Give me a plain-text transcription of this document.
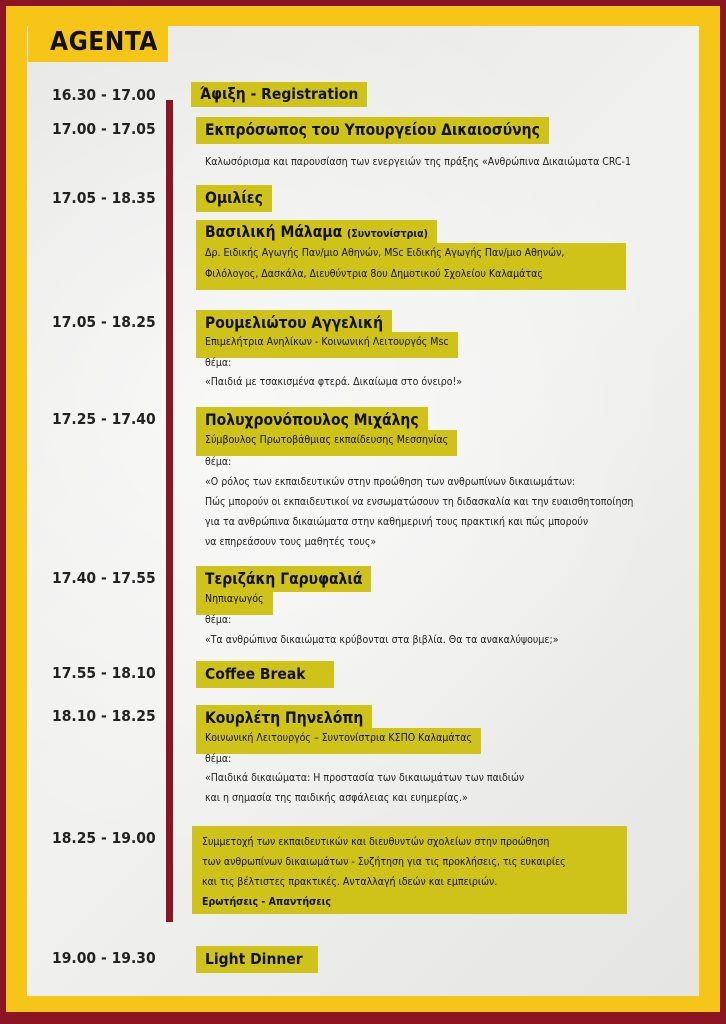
AGENTA
16.30 - 17.00	Άφιξη - Registration
17.00 - 17.05	Εκπρόσωπος του Υπουργείου Δικαιοσύνης
Καλωσόρισμα και παρουσίαση των ενεργειών της πράξης «Ανθρώπινα Δικαιώματα CRC-1
17.05 - 18.35	Ομιλίες
Βασιλική Μάλαμα (Συντονίστρια)
Δρ. Ειδικής Αγωγής Παν/μιο Αθηνών, MSc Ειδικής Αγωγής Παν/μιο Αθηνών,
Φιλόλογος, Δασκάλα, Διευθύντρια 8ου Δημοτικού Σχολείου Καλαμάτας
17.05 - 18.25	Ρουμελιώτου Αγγελική
Επιμελήτρια Ανηλίκων - Κοινωνική Λειτουργός Msc
θέμα:
«Παιδιά με τσακισμένα φτερά. Δικαίωμα στο όνειρο!»
17.25 - 17.40	Πολυχρονόπουλος Μιχάλης
Σύμβουλος Πρωτοβάθμιας εκπαίδευσης Μεσσηνίας
θέμα:
«Ο ρόλος των εκπαιδευτικών στην προώθηση των ανθρωπίνων δικαιωμάτων:
Πώς μπορούν οι εκπαιδευτικοί να ενσωματώσουν τη διδασκαλία και την ευαισθητοποίηση
για τα ανθρώπινα δικαιώματα στην καθημερινή τους πρακτική και πώς μπορούν
να επηρεάσουν τους μαθητές τους»
17.40 - 17.55	Τεριζάκη Γαρυφαλιά
Νηπιαγωγός
θέμα:
«Τα ανθρώπινα δικαιώματα κρύβονται στα βιβλία. Θα τα ανακαλύψουμε;»
17.55 - 18.10	Coffee Break
18.10 - 18.25	Κουρλέτη Πηνελόπη
Κοινωνική Λειτουργός – Συντονίστρια ΚΣΠΟ Καλαμάτας
θέμα:
«Παιδικά δικαιώματα: Η προστασία των δικαιωμάτων των παιδιών
και η σημασία της παιδικής ασφάλειας και ευημερίας.»
18.25 - 19.00	Συμμετοχή των εκπαιδευτικών και διευθυντών σχολείων στην προώθηση
των ανθρωπίνων δικαιωμάτων - Συζήτηση για τις προκλήσεις, τις ευκαιρίες
και τις βέλτιστες πρακτικές. Ανταλλαγή ιδεών και εμπειριών.
Ερωτήσεις - Απαντήσεις
19.00 - 19.30	Light Dinner
